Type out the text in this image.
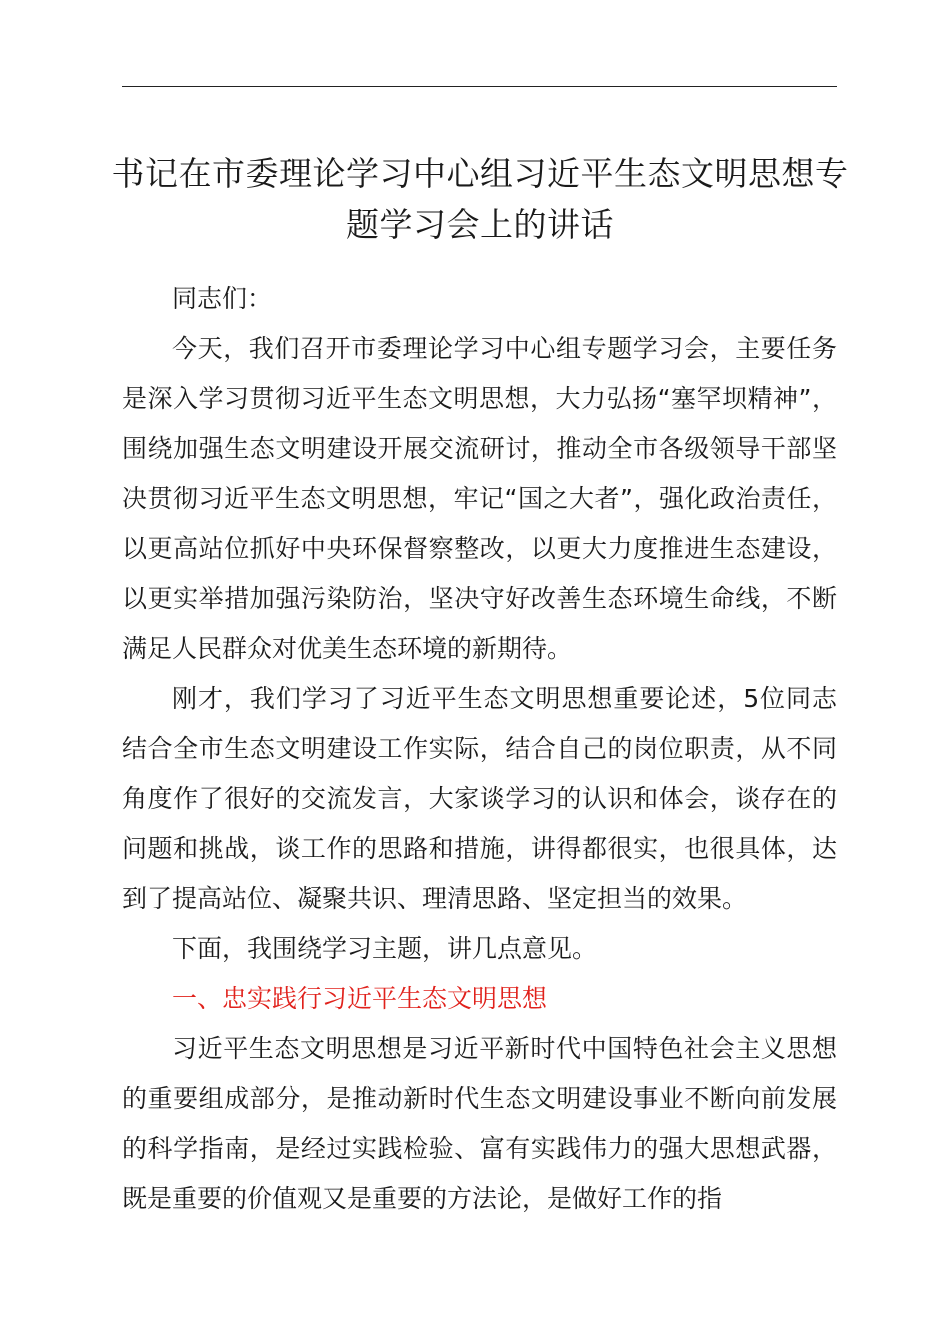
书记在市委理论学习中心组习近平生态文明思想专题学习会上的讲话

同志们：

今天，我们召开市委理论学习中心组专题学习会，主要任务是深入学习贯彻习近平生态文明思想，大力弘扬“塞罕坝精神”，围绕加强生态文明建设开展交流研讨，推动全市各级领导干部坚决贯彻习近平生态文明思想，牢记“国之大者”，强化政治责任，以更高站位抓好中央环保督察整改，以更大力度推进生态建设，以更实举措加强污染防治，坚决守好改善生态环境生命线，不断满足人民群众对优美生态环境的新期待。

刚才，我们学习了习近平生态文明思想重要论述，5位同志结合全市生态文明建设工作实际，结合自己的岗位职责，从不同角度作了很好的交流发言，大家谈学习的认识和体会，谈存在的问题和挑战，谈工作的思路和措施，讲得都很实，也很具体，达到了提高站位、凝聚共识、理清思路、坚定担当的效果。

下面，我围绕学习主题，讲几点意见。

一、忠实践行习近平生态文明思想

习近平生态文明思想是习近平新时代中国特色社会主义思想的重要组成部分，是推动新时代生态文明建设事业不断向前发展的科学指南，是经过实践检验、富有实践伟力的强大思想武器，既是重要的价值观又是重要的方法论，是做好工作的指
